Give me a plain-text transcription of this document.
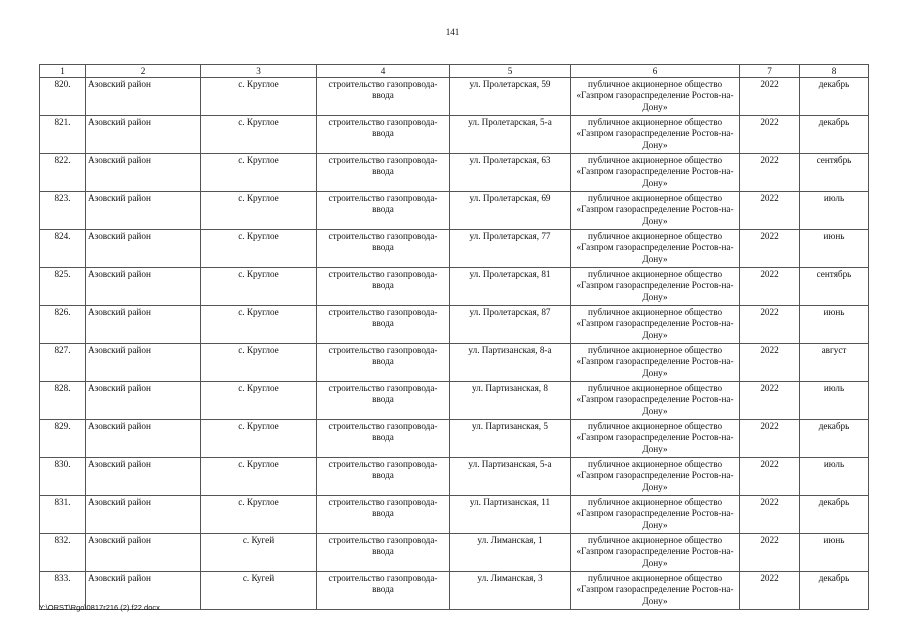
141
1	2	3	4	5	6	7	8
820.	Азовский район	с. Круглое	строительство газопровода-ввода	ул. Пролетарская, 59	публичное акционерное общество «Газпром газораспределение Ростов-на-Дону»	2022	декабрь
821.	Азовский район	с. Круглое	строительство газопровода-ввода	ул. Пролетарская, 5-а	публичное акционерное общество «Газпром газораспределение Ростов-на-Дону»	2022	декабрь
822.	Азовский район	с. Круглое	строительство газопровода-ввода	ул. Пролетарская, 63	публичное акционерное общество «Газпром газораспределение Ростов-на-Дону»	2022	сентябрь
823.	Азовский район	с. Круглое	строительство газопровода-ввода	ул. Пролетарская, 69	публичное акционерное общество «Газпром газораспределение Ростов-на-Дону»	2022	июль
824.	Азовский район	с. Круглое	строительство газопровода-ввода	ул. Пролетарская, 77	публичное акционерное общество «Газпром газораспределение Ростов-на-Дону»	2022	июнь
825.	Азовский район	с. Круглое	строительство газопровода-ввода	ул. Пролетарская, 81	публичное акционерное общество «Газпром газораспределение Ростов-на-Дону»	2022	сентябрь
826.	Азовский район	с. Круглое	строительство газопровода-ввода	ул. Пролетарская, 87	публичное акционерное общество «Газпром газораспределение Ростов-на-Дону»	2022	июнь
827.	Азовский район	с. Круглое	строительство газопровода-ввода	ул. Партизанская, 8-а	публичное акционерное общество «Газпром газораспределение Ростов-на-Дону»	2022	август
828.	Азовский район	с. Круглое	строительство газопровода-ввода	ул. Партизанская, 8	публичное акционерное общество «Газпром газораспределение Ростов-на-Дону»	2022	июль
829.	Азовский район	с. Круглое	строительство газопровода-ввода	ул. Партизанская, 5	публичное акционерное общество «Газпром газораспределение Ростов-на-Дону»	2022	декабрь
830.	Азовский район	с. Круглое	строительство газопровода-ввода	ул. Партизанская, 5-а	публичное акционерное общество «Газпром газораспределение Ростов-на-Дону»	2022	июль
831.	Азовский район	с. Круглое	строительство газопровода-ввода	ул. Партизанская, 11	публичное акционерное общество «Газпром газораспределение Ростов-на-Дону»	2022	декабрь
832.	Азовский район	с. Кугей	строительство газопровода-ввода	ул. Лиманская, 1	публичное акционерное общество «Газпром газораспределение Ростов-на-Дону»	2022	июнь
833.	Азовский район	с. Кугей	строительство газопровода-ввода	ул. Лиманская, 3	публичное акционерное общество «Газпром газораспределение Ростов-на-Дону»	2022	декабрь
Y:\ORST\Rgo\0817r216 (2).f22.docx
